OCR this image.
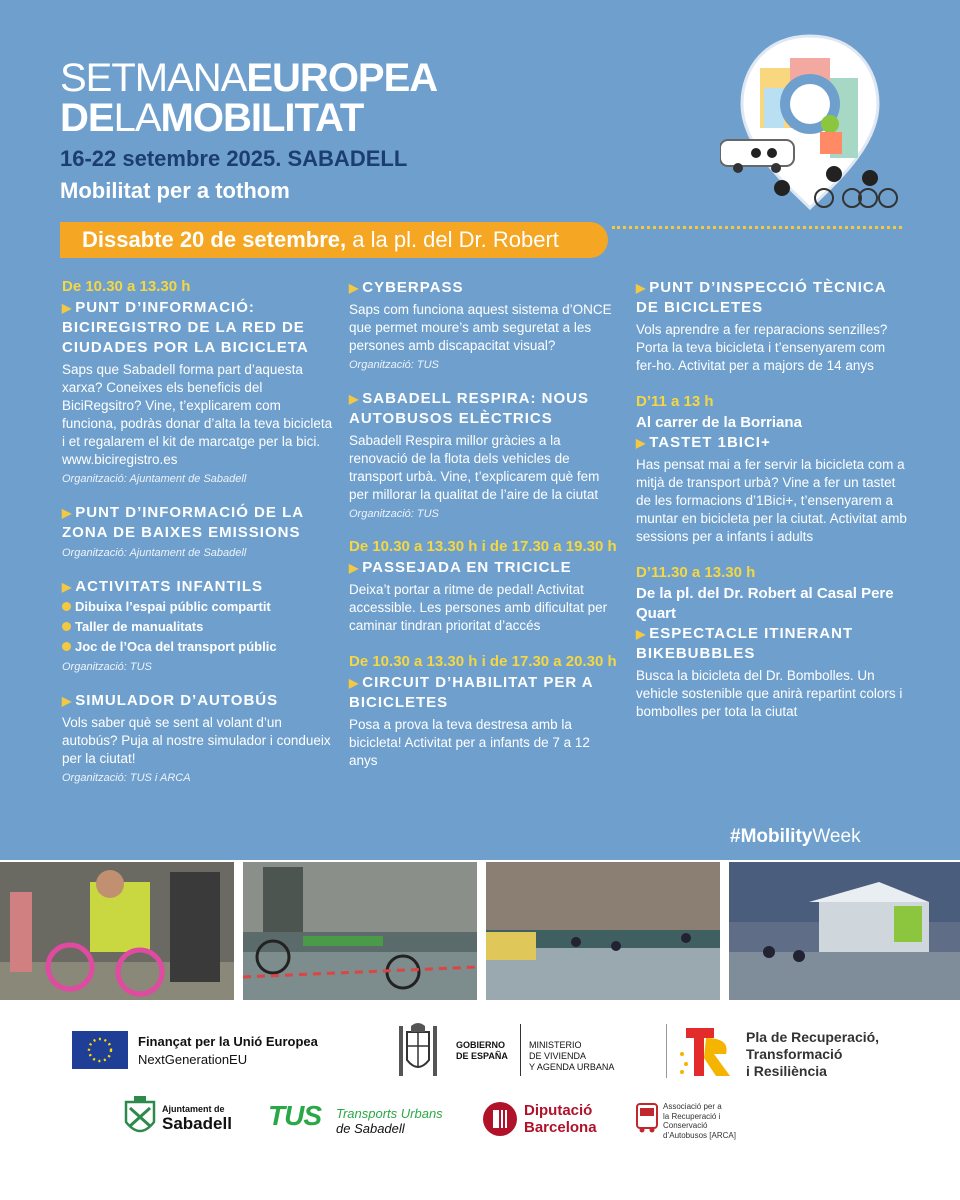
SETMANAEUROPEA
DELAMOBILITAT
16-22 setembre 2025. SABADELL
Mobilitat per a tothom
Dissabte 20 de setembre, a la pl. del Dr. Robert
De 10.30 a 13.30 h
▶ PUNT D’INFORMACIÓ: BICIREGISTRO DE LA RED DE CIUDADES POR LA BICICLETA
Saps que Sabadell forma part d’aquesta xarxa? Coneixes els beneficis del BiciRegsitro? Vine, t’explicarem com funciona, podràs donar d’alta la teva bicicleta i et regalarem el kit de marcatge per la bici. www.biciregistro.es
Organització: Ajuntament de Sabadell
▶ PUNT D’INFORMACIÓ DE LA ZONA DE BAIXES EMISSIONS
Organització: Ajuntament de Sabadell
▶ ACTIVITATS INFANTILS
Dibuixa l’espai públic compartit
Taller de manualitats
Joc de l’Oca del transport públic
Organització: TUS
▶ SIMULADOR D’AUTOBÚS
Vols saber què se sent al volant d’un autobús? Puja al nostre simulador i condueix per la ciutat!
Organització: TUS i ARCA
▶ CYBERPASS
Saps com funciona aquest sistema d’ONCE que permet moure’s amb seguretat a les persones amb discapacitat visual?
Organització: TUS
▶ SABADELL RESPIRA: NOUS AUTOBUSOS ELÈCTRICS
Sabadell Respira millor gràcies a la renovació de la flota dels vehicles de transport urbà. Vine, t’explicarem què fem per millorar la qualitat de l’aire de la ciutat
Organització: TUS
De 10.30 a 13.30 h i de 17.30 a 19.30 h
▶ PASSEJADA EN TRICICLE
Deixa’t portar a ritme de pedal! Activitat accessible. Les persones amb dificultat per caminar tindran prioritat d’accés
De 10.30 a 13.30 h i de 17.30 a 20.30 h
▶ CIRCUIT D’HABILITAT PER A BICICLETES
Posa a prova la teva destresa amb la bicicleta! Activitat per a infants de 7 a 12 anys
▶ PUNT D’INSPECCIÓ TÈCNICA DE BICICLETES
Vols aprendre a fer reparacions senzilles? Porta la teva bicicleta i t’ensenyarem com fer-ho. Activitat per a majors de 14 anys
D’11 a 13 h
Al carrer de la Borriana
▶ TASTET 1BICI+
Has pensat mai a fer servir la bicicleta com a mitjà de transport urbà? Vine a fer un tastet de les formacions d’1Bici+, t’ensenyarem a muntar en bicicleta per la ciutat. Activitat amb sessions per a infants i adults
D’11.30 a 13.30 h
De la pl. del Dr. Robert al Casal Pere Quart
▶ ESPECTACLE ITINERANT BIKEBUBBLES
Busca la bicicleta del Dr. Bombolles. Un vehicle sostenible que anirà repartint colors i bombolles per tota la ciutat
#MobilityWeek
Finançat per la Unió Europea
NextGenerationEU
GOBIERNO
DE ESPAÑA
MINISTERIO
DE VIVIENDA
Y AGENDA URBANA
Pla de Recuperació,
Transformació
i Resiliència
Ajuntament de
Sabadell TUS Transports Urbans
de Sabadell
Diputació
Barcelona
Associació per a
la Recuperació i
Conservació
d’Autobusos [ARCA]
